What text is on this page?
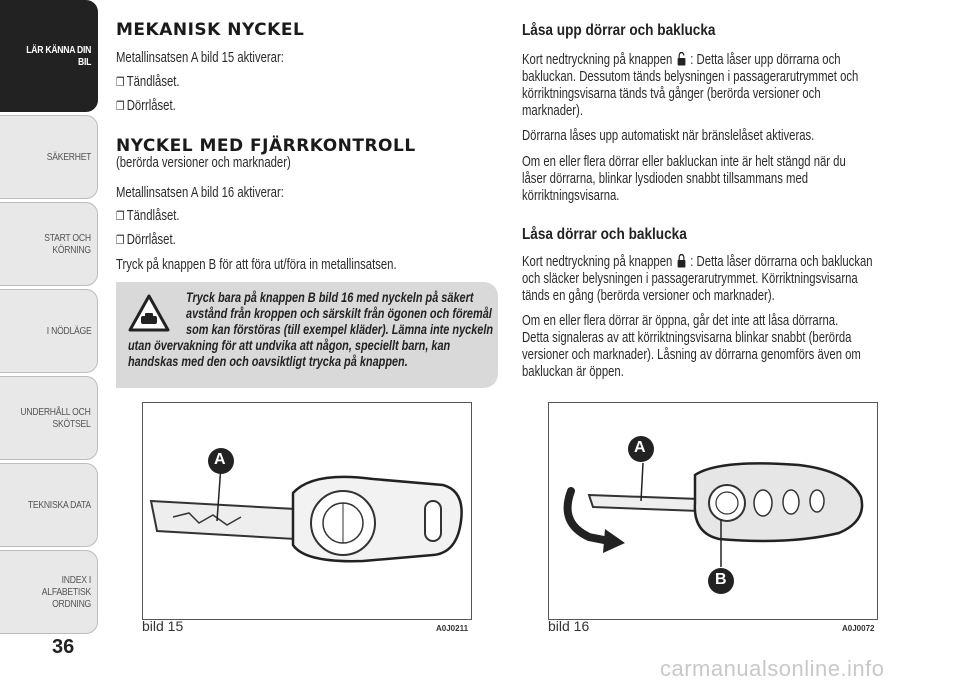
LÄR KÄNNA DIN
BIL
SÄKERHET
START OCH
KÖRNING
I NÖDLÄGE
UNDERHÅLL OCH
SKÖTSEL
TEKNISKA DATA
INDEX I ALFABETISK
ORDNING
36
MEKANISK NYCKEL
Metallinsatsen A bild 15 aktiverar:
❒ Tändlåset.
❒ Dörrlåset.
NYCKEL MED FJÄRRKONTROLL
(berörda versioner och marknader)
Metallinsatsen A bild 16 aktiverar:
❒ Tändlåset.
❒ Dörrlåset.
Tryck på knappen B för att föra ut/föra in metallinsatsen.
Tryck bara på knappen B bild 16 med nyckeln på säkert
avstånd från kroppen och särskilt från ögonen och föremål
som kan förstöras (till exempel kläder). Lämna inte nyckeln
utan övervakning för att undvika att någon, speciellt barn, kan
handskas med den och oavsiktligt trycka på knappen.
A
bild 15	A0J0211
Låsa upp dörrar och baklucka
Kort nedtryckning på knappen : Detta låser upp dörrarna och
bakluckan. Dessutom tänds belysningen i passagerarutrymmet och
körriktningsvisarna tänds två gånger (berörda versioner och
marknader).
Dörrarna låses upp automatiskt när bränslelåset aktiveras.
Om en eller flera dörrar eller bakluckan inte är helt stängd när du
låser dörrarna, blinkar lysdioden snabbt tillsammans med
körriktningsvisarna.
Låsa dörrar och baklucka
Kort nedtryckning på knappen : Detta låser dörrarna och bakluckan
och släcker belysningen i passagerarutrymmet. Körriktningsvisarna
tänds en gång (berörda versioner och marknader).
Om en eller flera dörrar är öppna, går det inte att låsa dörrarna.
Detta signaleras av att körriktningsvisarna blinkar snabbt (berörda
versioner och marknader). Låsning av dörrarna genomförs även om
bakluckan är öppen.
A
B
bild 16	A0J0072
carmanualsonline.info
